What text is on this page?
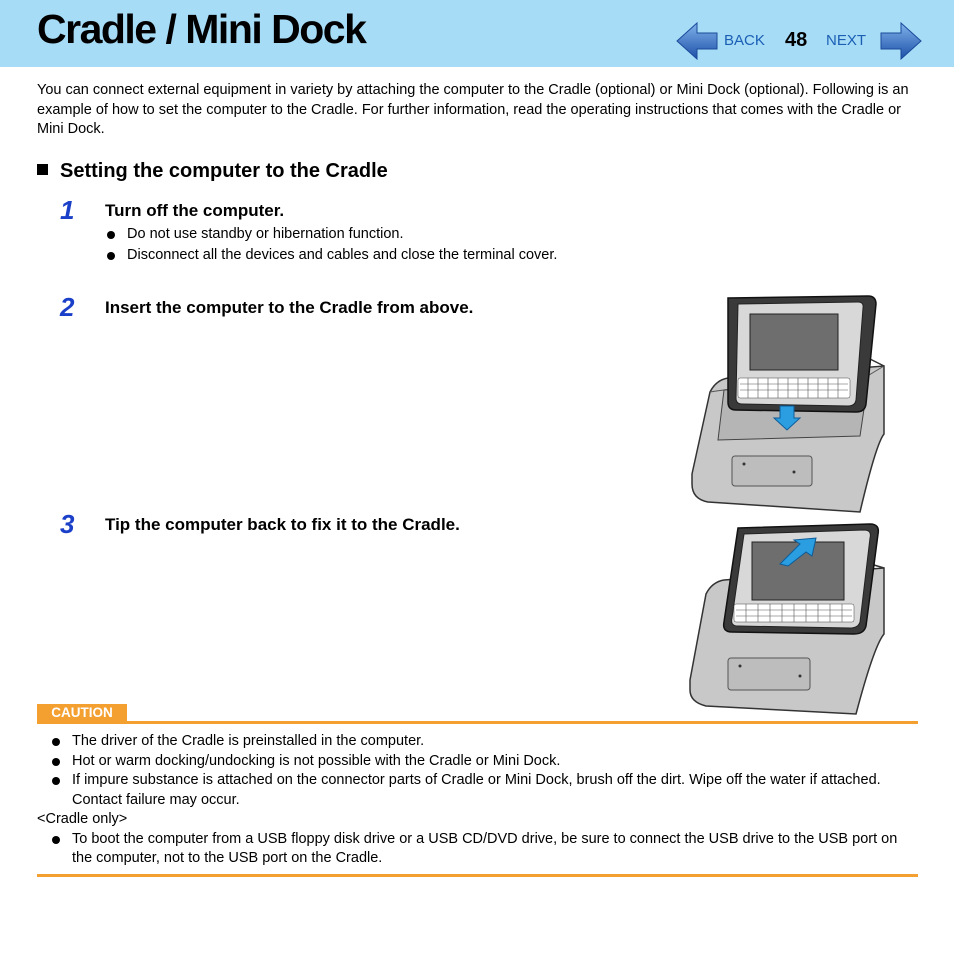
Cradle / Mini Dock	BACK 48 NEXT

You can connect external equipment in variety by attaching the computer to the Cradle (optional) or Mini Dock (optional). Following is an example of how to set the computer to the Cradle. For further information, read the operating instructions that comes with the Cradle or Mini Dock.

Setting the computer to the Cradle
1 Turn off the computer.
Do not use standby or hibernation function.
Disconnect all the devices and cables and close the terminal cover.
2 Insert the computer to the Cradle from above.
3 Tip the computer back to fix it to the Cradle.
CAUTION
The driver of the Cradle is preinstalled in the computer.
Hot or warm docking/undocking is not possible with the Cradle or Mini Dock.
If impure substance is attached on the connector parts of Cradle or Mini Dock, brush off the dirt. Wipe off the water if attached. Contact failure may occur.
<Cradle only>
To boot the computer from a USB floppy disk drive or a USB CD/DVD drive, be sure to connect the USB drive to the USB port on the computer, not to the USB port on the Cradle.
